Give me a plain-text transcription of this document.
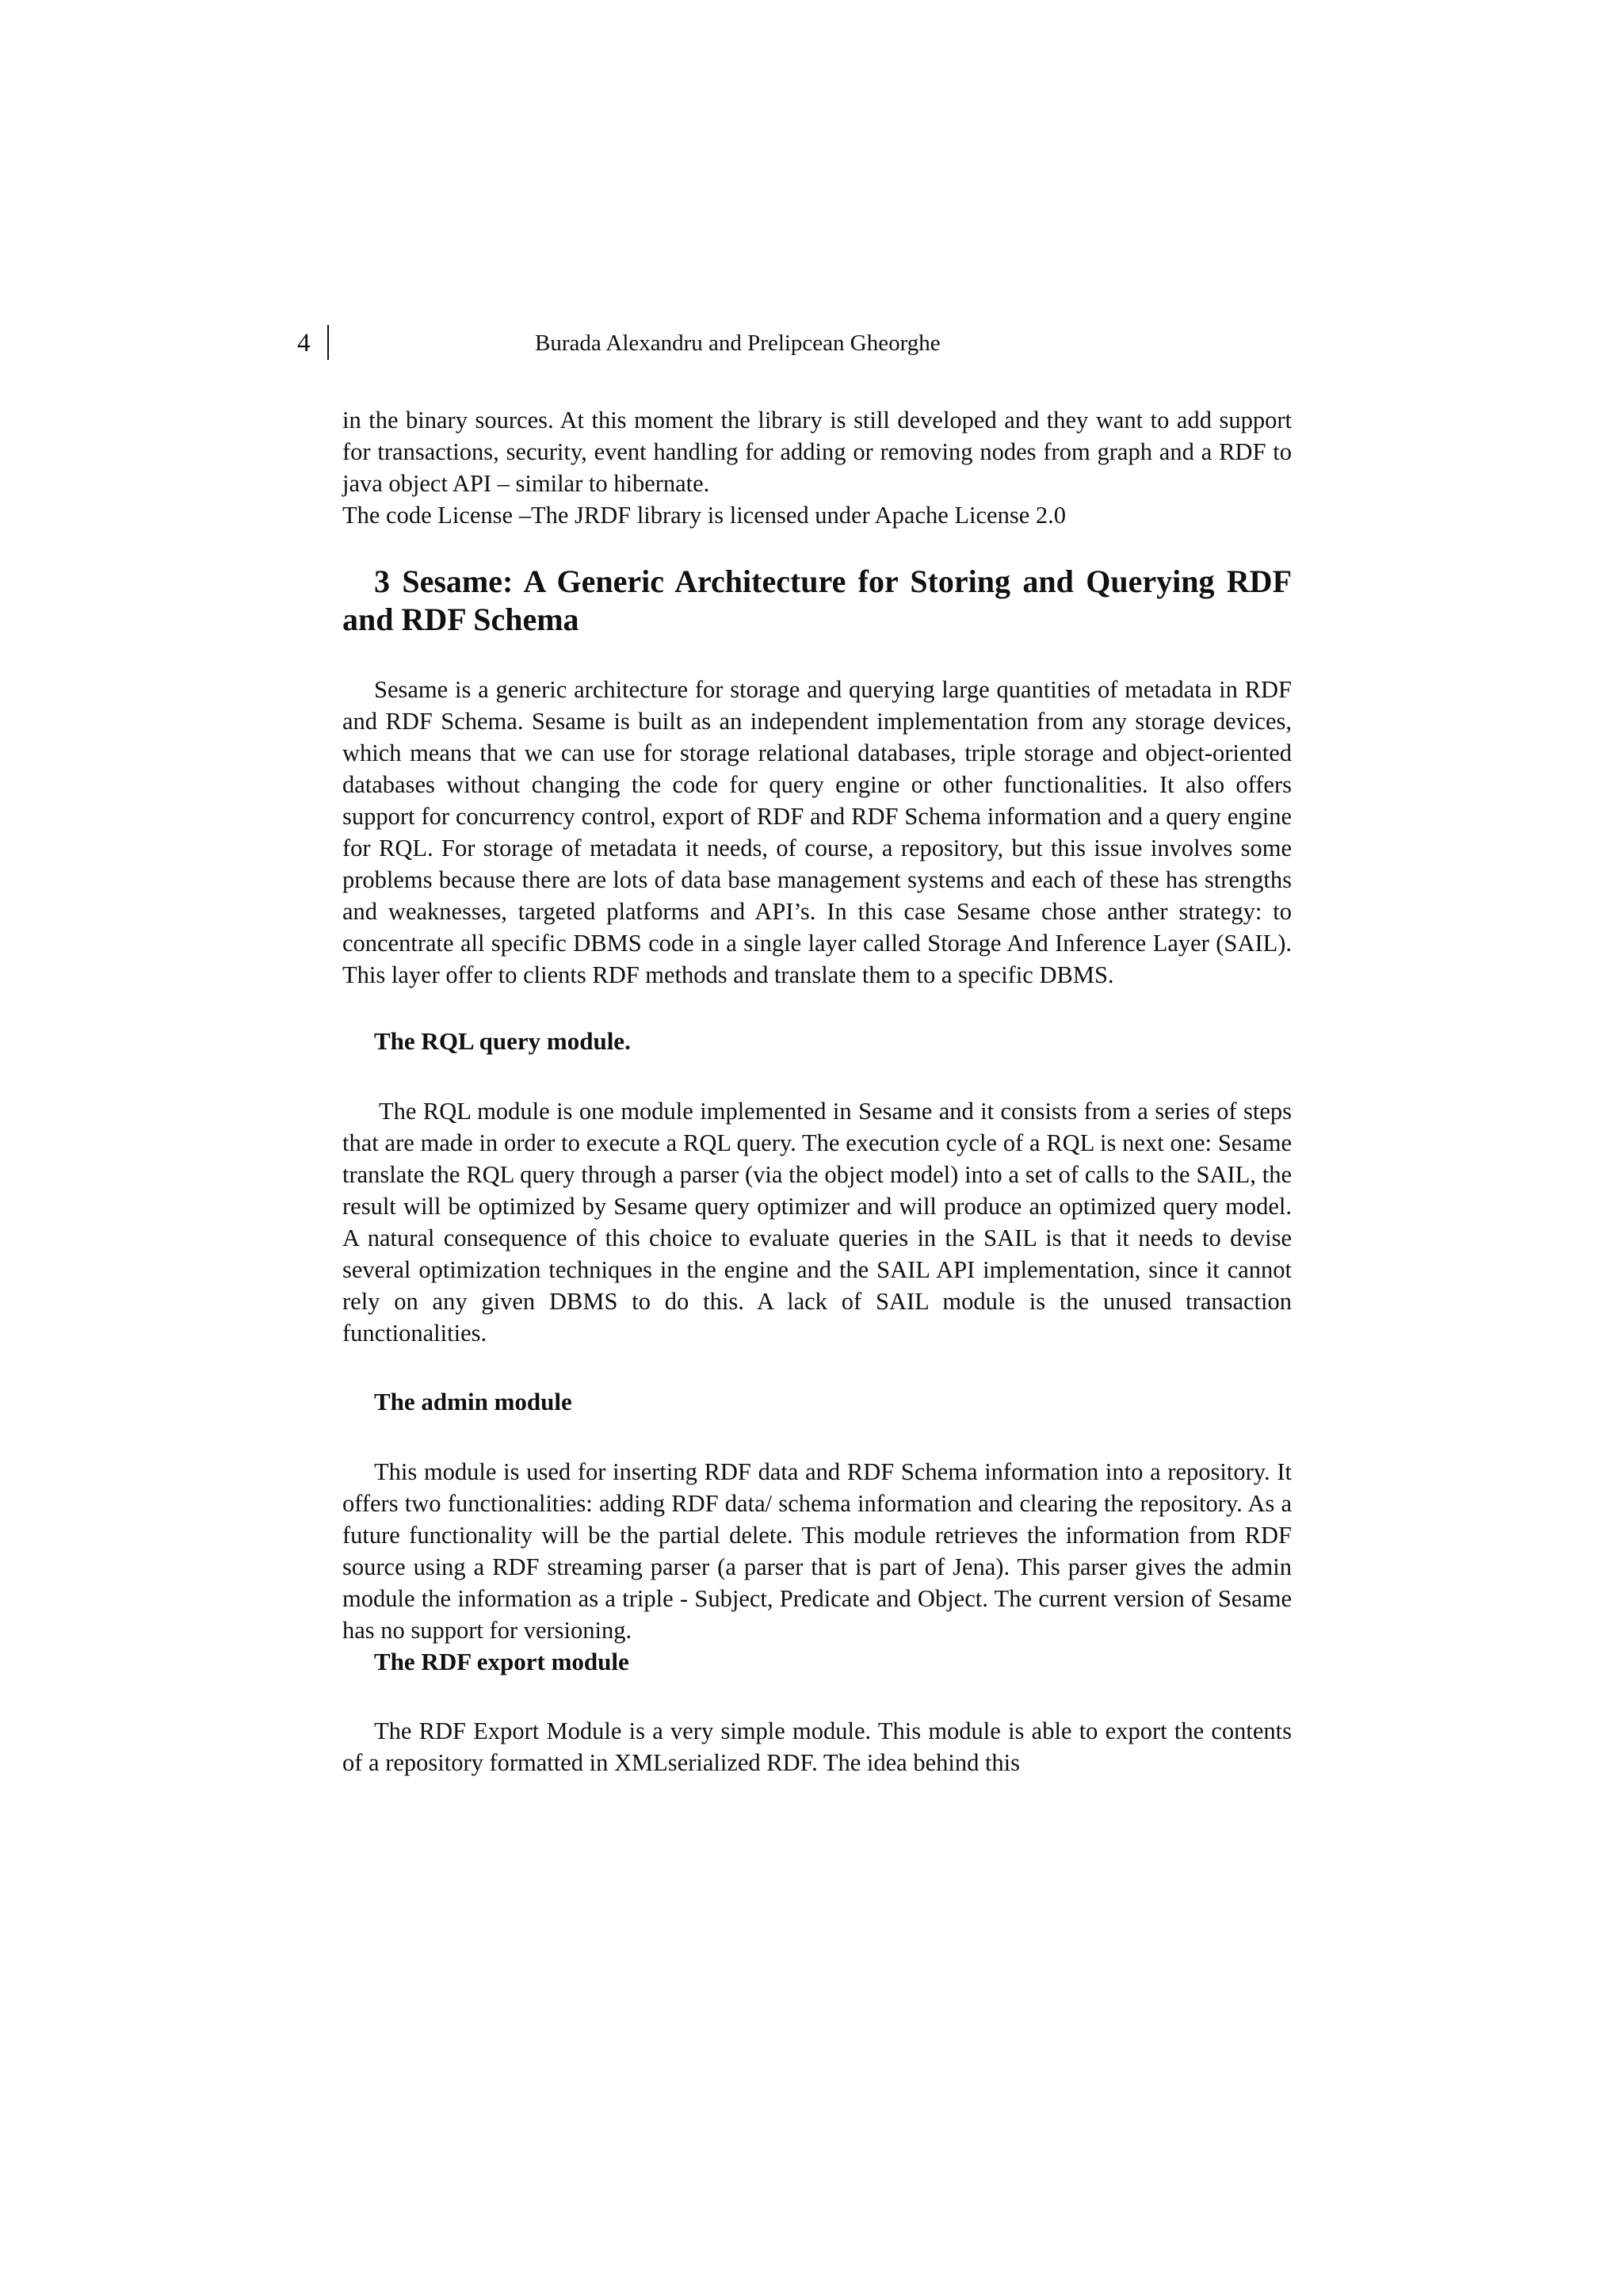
4	Burada Alexandru and Prelipcean Gheorghe

in the binary sources. At this moment the library is still developed and they want to add support for transactions, security, event handling for adding or removing nodes from graph and a RDF to java object API – similar to hibernate.

The code License –The JRDF library is licensed under Apache License 2.0

3 Sesame: A Generic Architecture for Storing and Querying RDF and RDF Schema

Sesame is a generic architecture for storage and querying large quantities of metadata in RDF and RDF Schema. Sesame is built as an independent implementation from any storage devices, which means that we can use for storage relational databases, triple storage and object-oriented databases without changing the code for query engine or other functionalities. It also offers support for concurrency control, export of RDF and RDF Schema information and a query engine for RQL. For storage of metadata it needs, of course, a repository, but this issue involves some problems because there are lots of data base management systems and each of these has strengths and weaknesses, targeted platforms and API’s. In this case Sesame chose anther strategy: to concentrate all specific DBMS code in a single layer called Storage And Inference Layer (SAIL). This layer offer to clients RDF methods and translate them to a specific DBMS.

The RQL query module.

The RQL module is one module implemented in Sesame and it consists from a series of steps that are made in order to execute a RQL query. The execution cycle of a RQL is next one: Sesame translate the RQL query through a parser (via the object model) into a set of calls to the SAIL, the result will be optimized by Sesame query optimizer and will produce an optimized query model. A natural consequence of this choice to evaluate queries in the SAIL is that it needs to devise several optimization techniques in the engine and the SAIL API implementation, since it cannot rely on any given DBMS to do this. A lack of SAIL module is the unused transaction functionalities.

The admin module

This module is used for inserting RDF data and RDF Schema information into a repository. It offers two functionalities: adding RDF data/ schema information and clearing the repository. As a future functionality will be the partial delete. This module retrieves the information from RDF source using a RDF streaming parser (a parser that is part of Jena). This parser gives the admin module the information as a triple - Subject, Predicate and Object. The current version of Sesame has no support for versioning.

The RDF export module

The RDF Export Module is a very simple module. This module is able to export the contents of a repository formatted in XMLserialized RDF. The idea behind this
